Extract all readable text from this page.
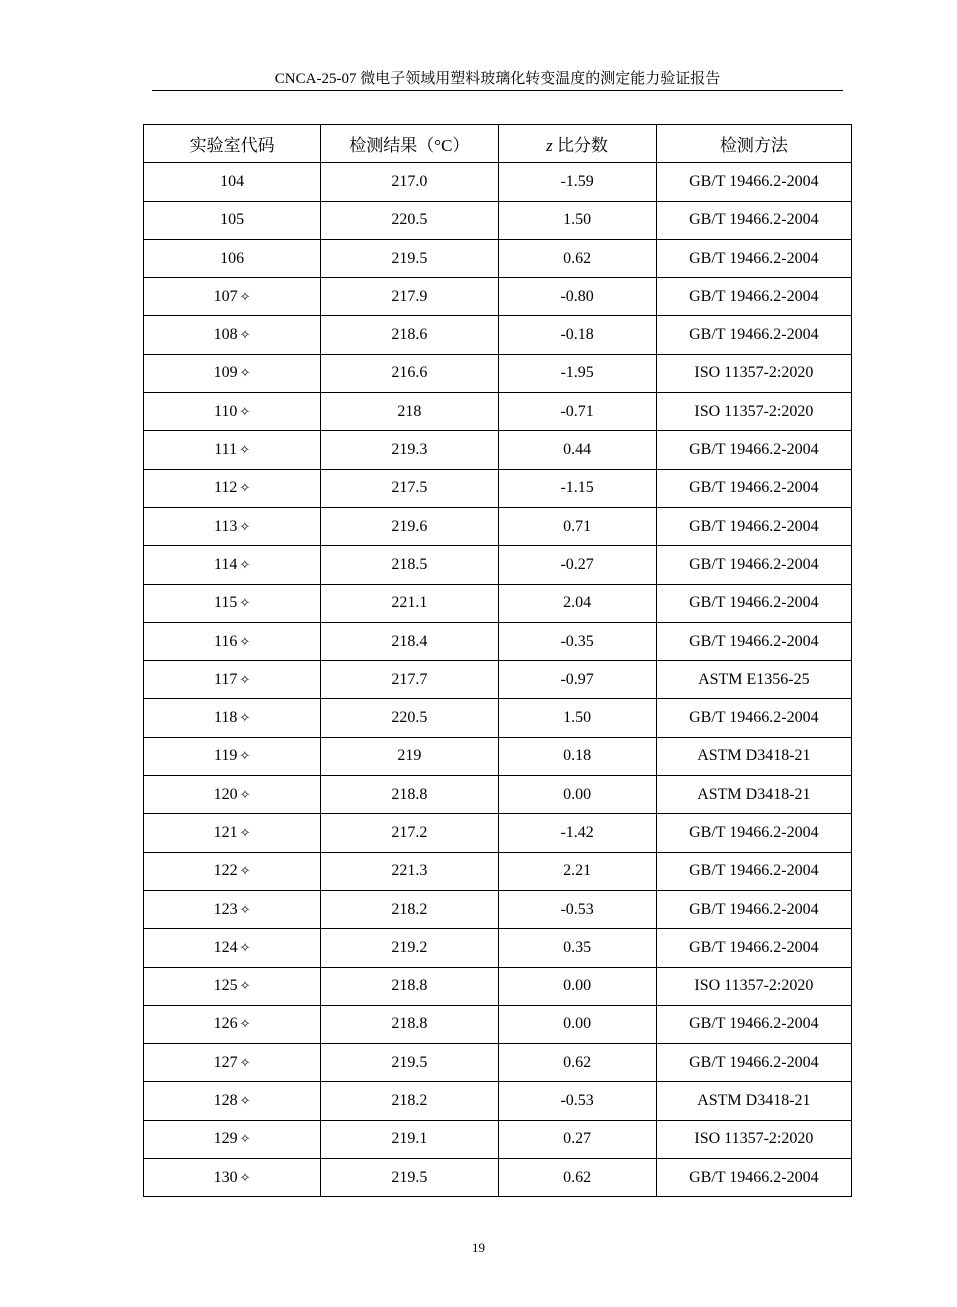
CNCA-25-07 微电子领域用塑料玻璃化转变温度的测定能力验证报告
实验室代码	检测结果（°C）	z 比分数	检测方法
104	217.0	-1.59	GB/T 19466.2-2004
105	220.5	1.50	GB/T 19466.2-2004
106	219.5	0.62	GB/T 19466.2-2004
107 ✧	217.9	-0.80	GB/T 19466.2-2004
108 ✧	218.6	-0.18	GB/T 19466.2-2004
109 ✧	216.6	-1.95	ISO 11357-2:2020
110 ✧	218	-0.71	ISO 11357-2:2020
111 ✧	219.3	0.44	GB/T 19466.2-2004
112 ✧	217.5	-1.15	GB/T 19466.2-2004
113 ✧	219.6	0.71	GB/T 19466.2-2004
114 ✧	218.5	-0.27	GB/T 19466.2-2004
115 ✧	221.1	2.04	GB/T 19466.2-2004
116 ✧	218.4	-0.35	GB/T 19466.2-2004
117 ✧	217.7	-0.97	ASTM E1356-25
118 ✧	220.5	1.50	GB/T 19466.2-2004
119 ✧	219	0.18	ASTM D3418-21
120 ✧	218.8	0.00	ASTM D3418-21
121 ✧	217.2	-1.42	GB/T 19466.2-2004
122 ✧	221.3	2.21	GB/T 19466.2-2004
123 ✧	218.2	-0.53	GB/T 19466.2-2004
124 ✧	219.2	0.35	GB/T 19466.2-2004
125 ✧	218.8	0.00	ISO 11357-2:2020
126 ✧	218.8	0.00	GB/T 19466.2-2004
127 ✧	219.5	0.62	GB/T 19466.2-2004
128 ✧	218.2	-0.53	ASTM D3418-21
129 ✧	219.1	0.27	ISO 11357-2:2020
130 ✧	219.5	0.62	GB/T 19466.2-2004
19
